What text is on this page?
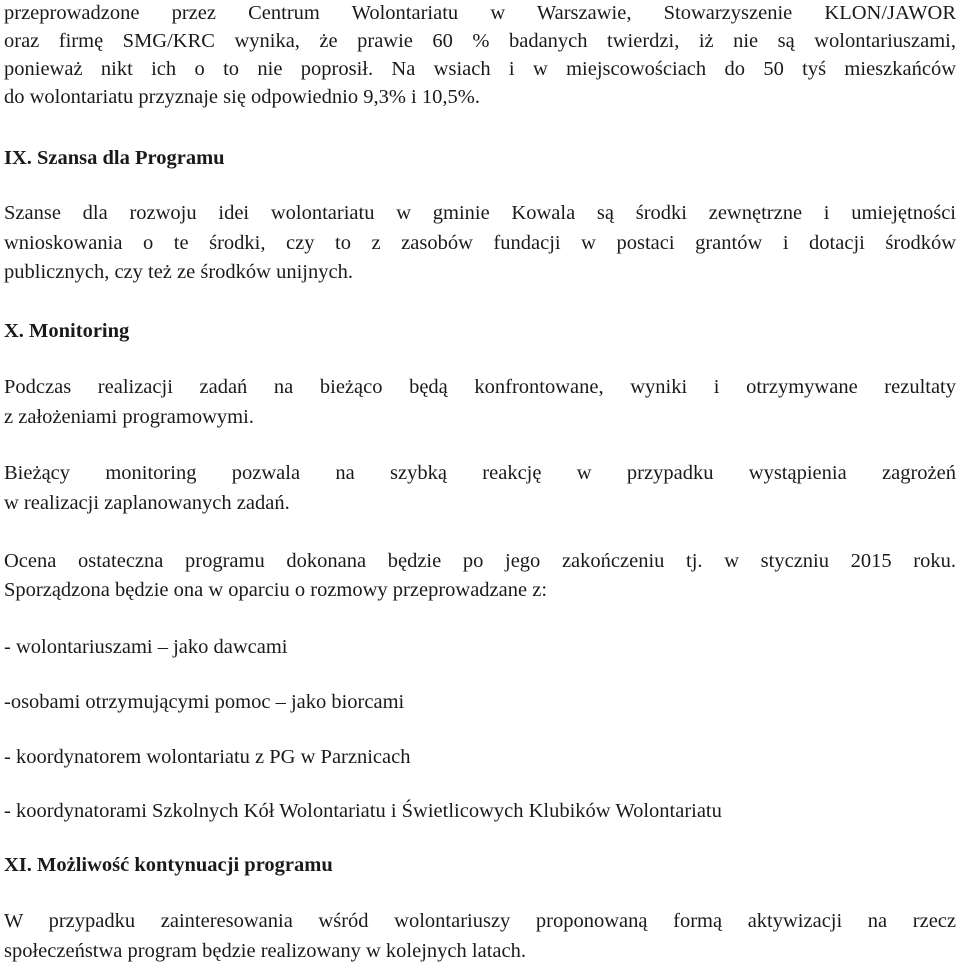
przeprowadzone przez Centrum Wolontariatu w Warszawie, Stowarzyszenie KLON/JAWOR
oraz firmę SMG/KRC wynika, że prawie 60 % badanych twierdzi, iż nie są wolontariuszami,
ponieważ nikt ich o to nie poprosił. Na wsiach i w miejscowościach do 50 tyś mieszkańców
do wolontariatu przyznaje się odpowiednio 9,3% i 10,5%.
IX. Szansa dla Programu
Szanse dla rozwoju idei wolontariatu w gminie Kowala są środki zewnętrzne i umiejętności
wnioskowania o te środki, czy to z zasobów fundacji w postaci grantów i dotacji środków
publicznych, czy też ze środków unijnych.
X. Monitoring
Podczas realizacji zadań na bieżąco będą konfrontowane, wyniki i otrzymywane rezultaty
z założeniami programowymi.
Bieżący monitoring pozwala na szybką reakcję w przypadku wystąpienia zagrożeń
w realizacji zaplanowanych zadań.
Ocena ostateczna programu dokonana będzie po jego zakończeniu tj. w styczniu 2015 roku.
Sporządzona będzie ona w oparciu o rozmowy przeprowadzane z:
- wolontariuszami – jako dawcami
-osobami otrzymującymi pomoc – jako biorcami
- koordynatorem wolontariatu z PG w Parznicach
- koordynatorami Szkolnych Kół Wolontariatu i Świetlicowych Klubików Wolontariatu
XI. Możliwość kontynuacji programu
W przypadku zainteresowania wśród wolontariuszy proponowaną formą aktywizacji na rzecz
społeczeństwa program będzie realizowany w kolejnych latach.
